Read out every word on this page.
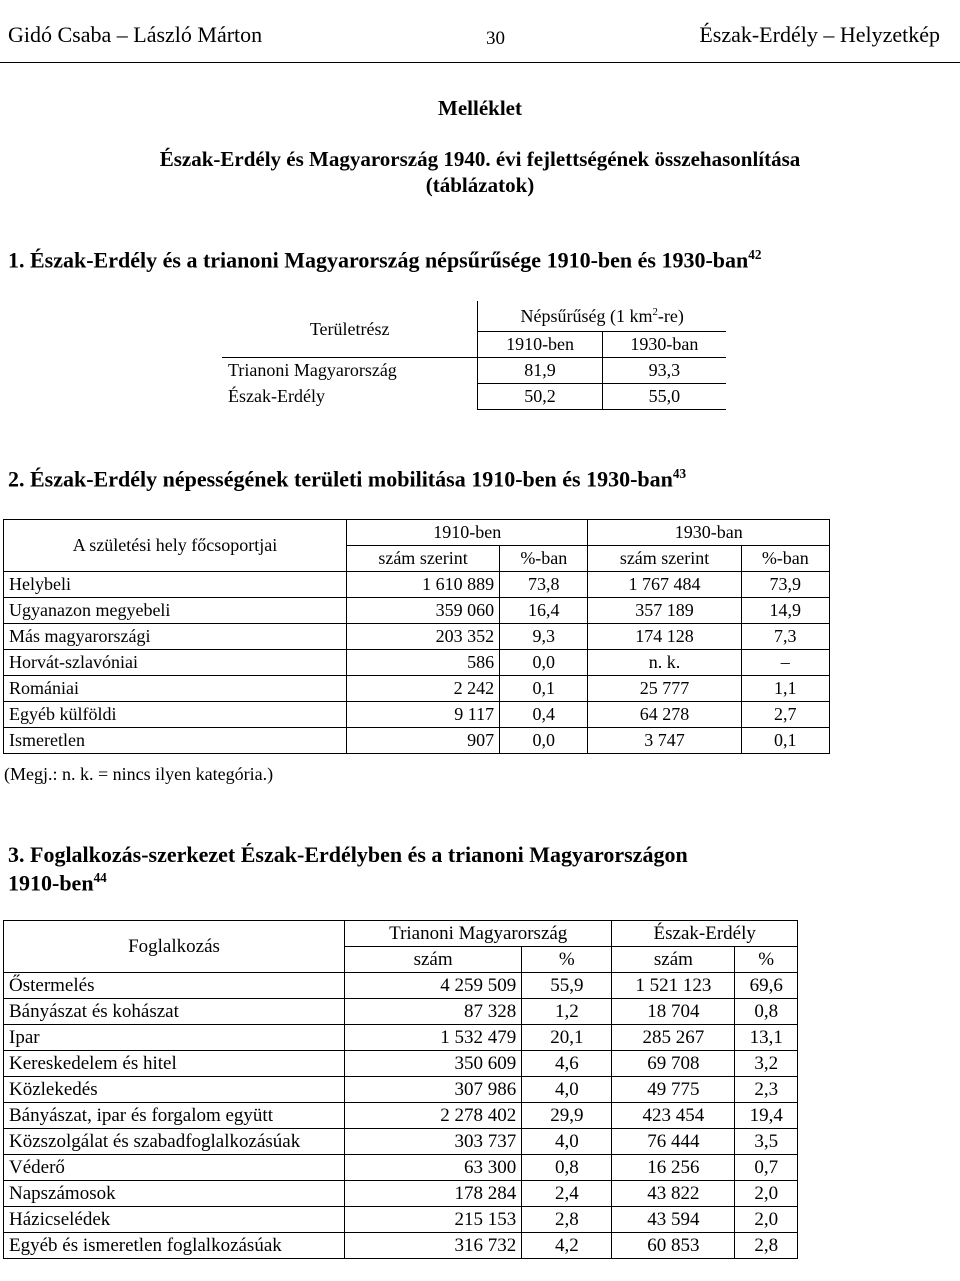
Gidó Csaba – László Márton	30	Észak-Erdély – Helyzetkép
Melléklet
Észak-Erdély és Magyarország 1940. évi fejlettségének összehasonlítása
(táblázatok)
1. Észak-Erdély és a trianoni Magyarország népsűrűsége 1910-ben és 1930-ban$^{42}$
Területrész	Népsűrűség (1 $km^2-re$)	
	1910-ben	1930-ban
Trianoni Magyarország	81,9	93,3
Észak-Erdély	50,2	55,0
2. Észak-Erdély népességének területi mobilitása 1910-ben és 1930-ban$^{43}$
A születési hely főcsoportjai	1910-ben		1930-ban	
	szám szerint	%-ban	szám szerint	%-ban
Helybeli	1 610 889	73,8	1 767 484	73,9
Ugyanazon megyebeli	359 060	16,4	357 189	14,9
Más magyarországi	203 352	9,3	174 128	7,3
Horvát-szlavóniai	586	0,0	n. k.	–
Romániai	2 242	0,1	25 777	1,1
Egyéb külföldi	9 117	0,4	64 278	2,7
Ismeretlen	907	0,0	3 747	0,1
(Megj.: n. k. = nincs ilyen kategória.)
3. Foglalkozás-szerkezet Észak-Erdélyben és a trianoni Magyarországon
1910-ben$^{44}$
Foglalkozás	Trianoni Magyarország		Észak-Erdély	
	szám	%	szám	%
Őstermelés	4 259 509	55,9	1 521 123	69,6
Bányászat és kohászat	87 328	1,2	18 704	0,8
Ipar	1 532 479	20,1	285 267	13,1
Kereskedelem és hitel	350 609	4,6	69 708	3,2
Közlekedés	307 986	4,0	49 775	2,3
Bányászat, ipar és forgalom együtt	2 278 402	29,9	423 454	19,4
Közszolgálat és szabadfoglalkozásúak	303 737	4,0	76 444	3,5
Véderő	63 300	0,8	16 256	0,7
Napszámosok	178 284	2,4	43 822	2,0
Házicselédek	215 153	2,8	43 594	2,0
Egyéb és ismeretlen foglalkozásúak	316 732	4,2	60 853	2,8
